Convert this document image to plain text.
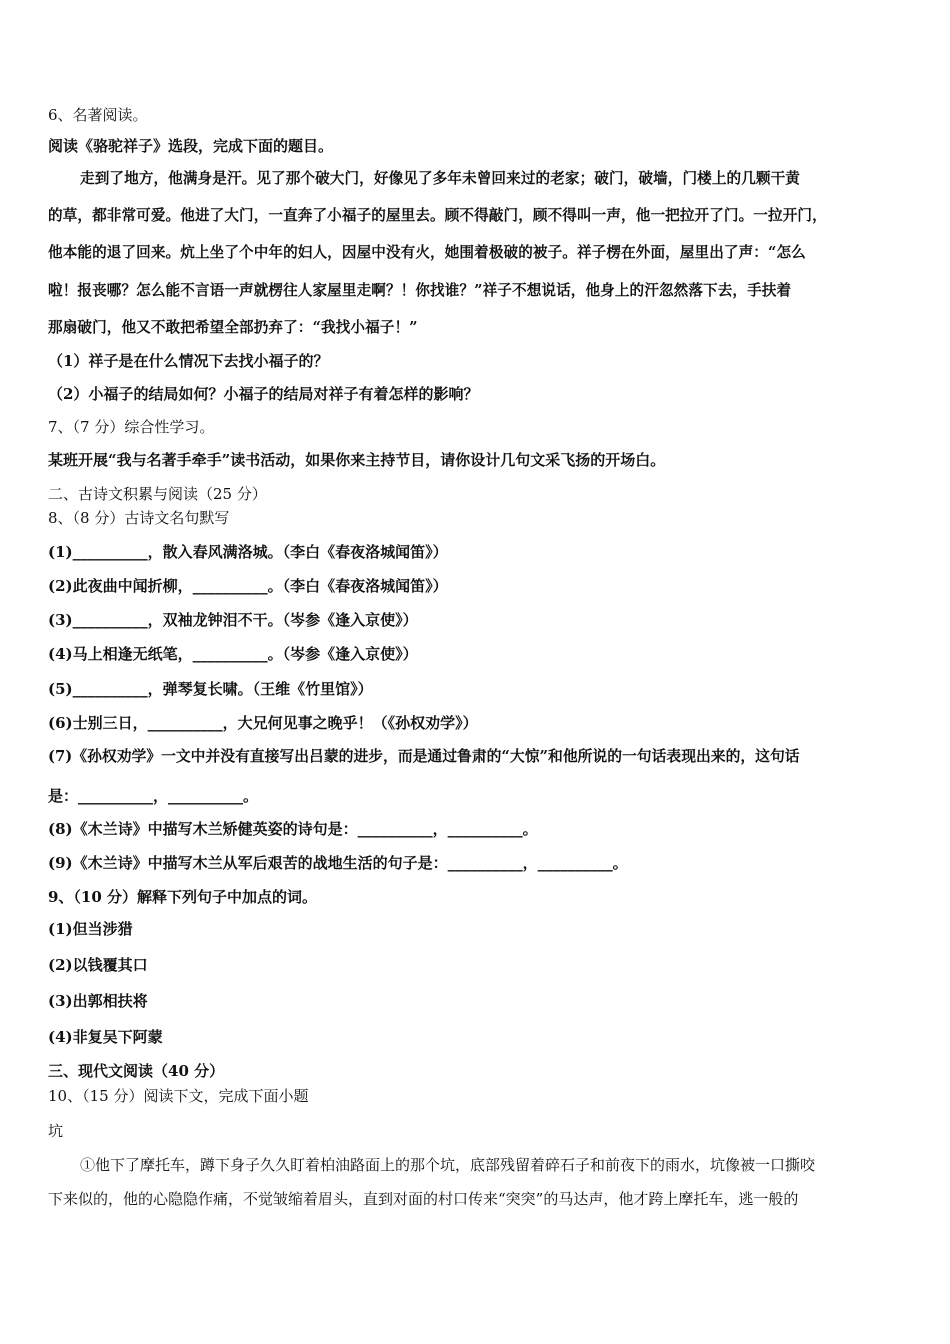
6、名著阅读。
阅读《骆驼祥子》选段，完成下面的题目。
走到了地方，他满身是汗。见了那个破大门，好像见了多年未曾回来过的老家；破门，破墙，门楼上的几颗干黄
的草，都非常可爱。他进了大门，一直奔了小福子的屋里去。顾不得敲门，顾不得叫一声，他一把拉开了门。一拉开门，
他本能的退了回来。炕上坐了个中年的妇人，因屋中没有火，她围着极破的被子。祥子楞在外面，屋里出了声：“怎么
啦！报丧哪？怎么能不言语一声就楞往人家屋里走啊？！你找谁？”祥子不想说话，他身上的汗忽然落下去，手扶着
那扇破门，他又不敢把希望全部扔弃了：“我找小福子！”
（1）祥子是在什么情况下去找小福子的？
（2）小福子的结局如何？小福子的结局对祥子有着怎样的影响？
7、（7 分）综合性学习。
某班开展“我与名著手牵手”读书活动，如果你来主持节目，请你设计几句文采飞扬的开场白。
二、古诗文积累与阅读（25 分）
8、（8 分）古诗文名句默写
(1)__________，散入春风满洛城。（李白《春夜洛城闻笛》）
(2)此夜曲中闻折柳，__________。（李白《春夜洛城闻笛》）
(3)__________，双袖龙钟泪不干。（岑参《逢入京使》）
(4)马上相逢无纸笔，__________。（岑参《逢入京使》）
(5)__________，弹琴复长啸。（王维《竹里馆》）
(6)士别三日，__________，大兄何见事之晚乎！（《孙权劝学》）
(7)《孙权劝学》一文中并没有直接写出吕蒙的进步，而是通过鲁肃的“大惊”和他所说的一句话表现出来的，这句话
是：__________，__________。
(8)《木兰诗》中描写木兰矫健英姿的诗句是：__________，__________。
(9)《木兰诗》中描写木兰从军后艰苦的战地生活的句子是：__________，__________。
9、（10 分）解释下列句子中加点的词。
(1)但当涉猎
(2)以钱覆其口
(3)出郭相扶将
(4)非复吴下阿蒙
三、现代文阅读（40 分）
10、（15 分）阅读下文，完成下面小题
坑
①他下了摩托车，蹲下身子久久盯着柏油路面上的那个坑，底部残留着碎石子和前夜下的雨水，坑像被一口撕咬
下来似的，他的心隐隐作痛，不觉皱缩着眉头，直到对面的村口传来“突突”的马达声，他才跨上摩托车，逃一般的
